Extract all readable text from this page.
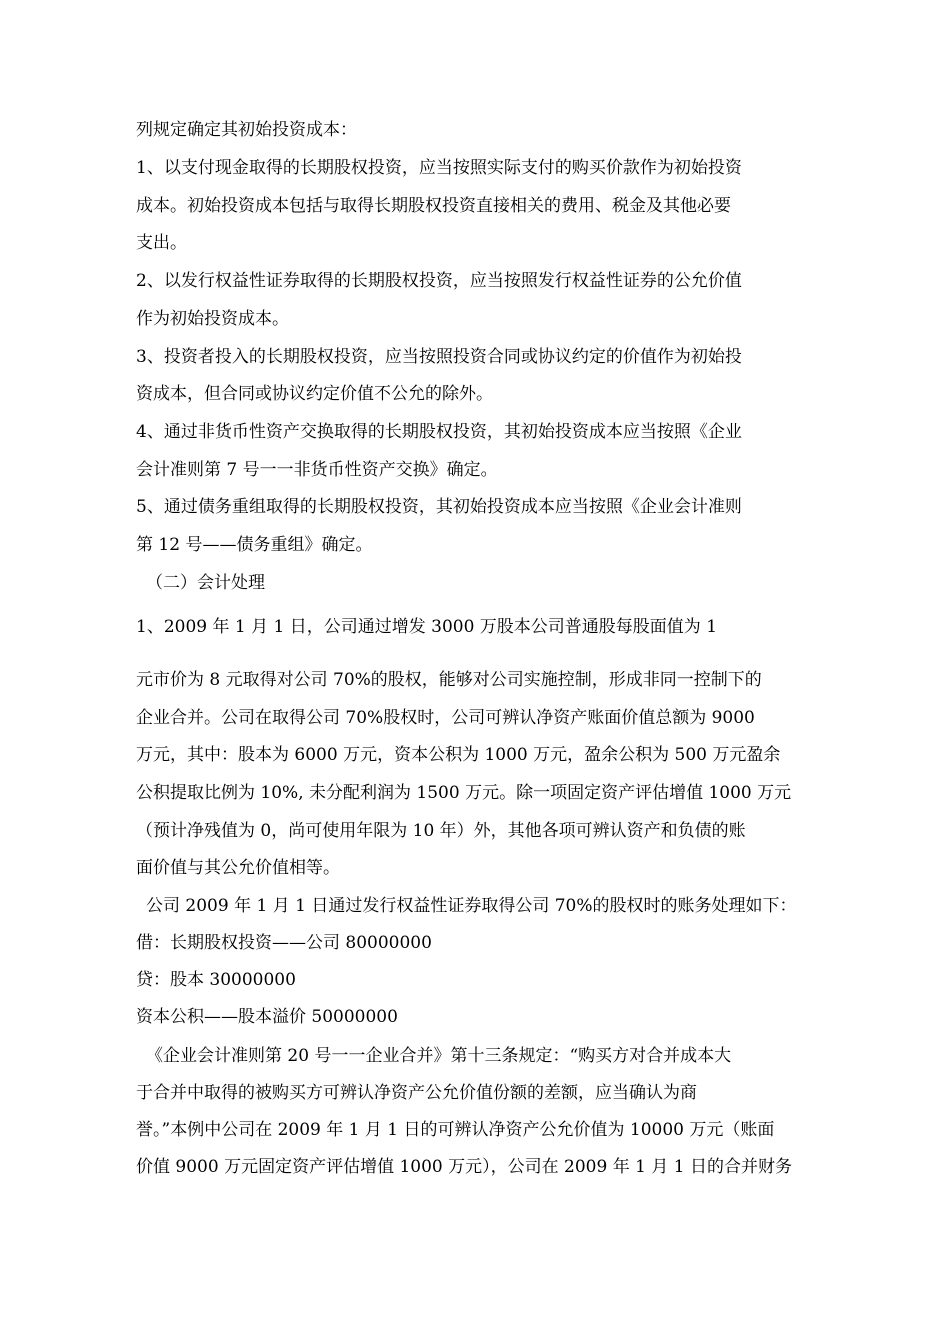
列规定确定其初始投资成本：
1、以支付现金取得的长期股权投资，应当按照实际支付的购买价款作为初始投资
成本。初始投资成本包括与取得长期股权投资直接相关的费用、税金及其他必要
支出。
2、以发行权益性证券取得的长期股权投资，应当按照发行权益性证券的公允价值
作为初始投资成本。
3、投资者投入的长期股权投资，应当按照投资合同或协议约定的价值作为初始投
资成本，但合同或协议约定价值不公允的除外。
4、通过非货币性资产交换取得的长期股权投资，其初始投资成本应当按照《企业
会计准则第 7 号一一非货币性资产交换》确定。
5、通过债务重组取得的长期股权投资，其初始投资成本应当按照《企业会计准则
第 12 号——债务重组》确定。
（二）会计处理
1、2009 年 1 月 1 日，公司通过增发 3000 万股本公司普通股每股面值为 1
元市价为 8 元取得对公司 70%的股权，能够对公司实施控制，形成非同一控制下的
企业合并。公司在取得公司 70%股权时，公司可辨认净资产账面价值总额为 9000
万元，其中：股本为 6000 万元，资本公积为 1000 万元，盈余公积为 500 万元盈余
公积提取比例为 10%, 未分配利润为 1500 万元。除一项固定资产评估增值 1000 万元
（预计净残值为 0，尚可使用年限为 10 年）外，其他各项可辨认资产和负债的账
面价值与其公允价值相等。
公司 2009 年 1 月 1 日通过发行权益性证券取得公司 70%的股权时的账务处理如下：
借：长期股权投资——公司 80000000
贷：股本 30000000
资本公积——股本溢价 50000000
《企业会计准则第 20 号一一企业合并》第十三条规定：“购买方对合并成本大
于合并中取得的被购买方可辨认净资产公允价值份额的差额，应当确认为商
誉。”本例中公司在 2009 年 1 月 1 日的可辨认净资产公允价值为 10000 万元（账面
价值 9000 万元固定资产评估增值 1000 万元），公司在 2009 年 1 月 1 日的合并财务
